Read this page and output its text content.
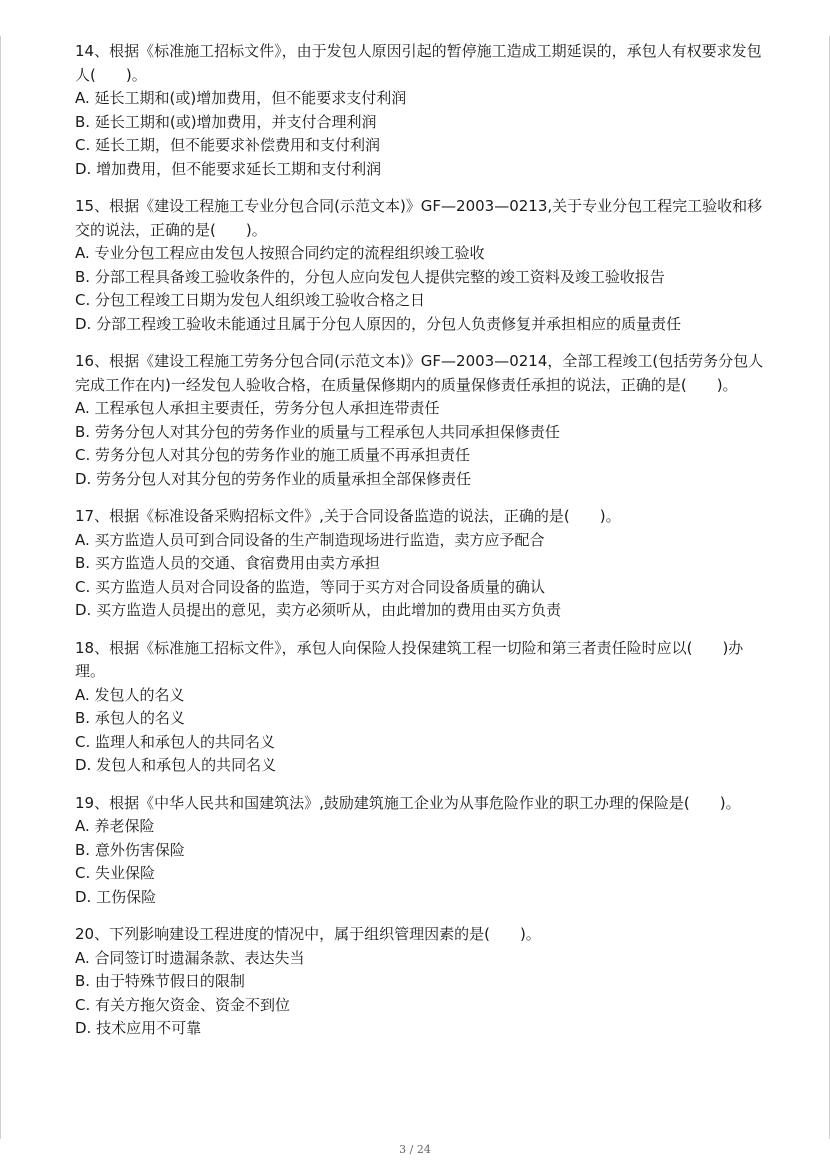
14、根据《标准施工招标文件》，由于发包人原因引起的暂停施工造成工期延误的，承包人有权要求发包人(　　)。

A. 延长工期和(或)增加费用，但不能要求支付利润

B. 延长工期和(或)增加费用，并支付合理利润

C. 延长工期，但不能要求补偿费用和支付利润

D. 增加费用，但不能要求延长工期和支付利润

15、根据《建设工程施工专业分包合同(示范文本)》GF—2003—0213,关于专业分包工程完工验收和移交的说法，正确的是(　　)。

A. 专业分包工程应由发包人按照合同约定的流程组织竣工验收

B. 分部工程具备竣工验收条件的，分包人应向发包人提供完整的竣工资料及竣工验收报告

C. 分包工程竣工日期为发包人组织竣工验收合格之日

D. 分部工程竣工验收未能通过且属于分包人原因的，分包人负责修复并承担相应的质量责任

16、根据《建设工程施工劳务分包合同(示范文本)》GF—2003—0214，全部工程竣工(包括劳务分包人完成工作在内)一经发包人验收合格，在质量保修期内的质量保修责任承担的说法，正确的是(　　)。

A. 工程承包人承担主要责任，劳务分包人承担连带责任

B. 劳务分包人对其分包的劳务作业的质量与工程承包人共同承担保修责任

C. 劳务分包人对其分包的劳务作业的施工质量不再承担责任

D. 劳务分包人对其分包的劳务作业的质量承担全部保修责任

17、根据《标准设备采购招标文件》,关于合同设备监造的说法，正确的是(　　)。

A. 买方监造人员可到合同设备的生产制造现场进行监造，卖方应予配合

B. 买方监造人员的交通、食宿费用由卖方承担

C. 买方监造人员对合同设备的监造，等同于买方对合同设备质量的确认

D. 买方监造人员提出的意见，卖方必须听从，由此增加的费用由买方负责

18、根据《标准施工招标文件》，承包人向保险人投保建筑工程一切险和第三者责任险时应以(　　)办理。

A. 发包人的名义

B. 承包人的名义

C. 监理人和承包人的共同名义

D. 发包人和承包人的共同名义

19、根据《中华人民共和国建筑法》,鼓励建筑施工企业为从事危险作业的职工办理的保险是(　　)。

A. 养老保险

B. 意外伤害保险

C. 失业保险

D. 工伤保险

20、下列影响建设工程进度的情况中，属于组织管理因素的是(　　)。

A. 合同签订时遗漏条款、表达失当

B. 由于特殊节假日的限制

C. 有关方拖欠资金、资金不到位

D. 技术应用不可靠

3 / 24
